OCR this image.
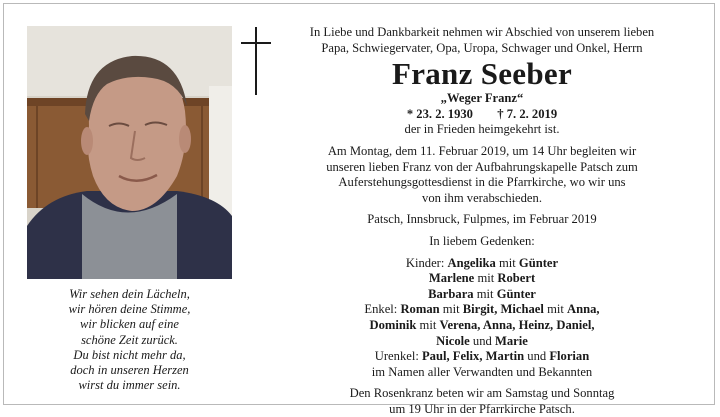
Wir sehen dein Lächeln,
wir hören deine Stimme,
wir blicken auf eine
schöne Zeit zurück.
Du bist nicht mehr da,
doch in unseren Herzen
wirst du immer sein.
In Liebe und Dankbarkeit nehmen wir Abschied von unserem lieben
Papa, Schwiegervater, Opa, Uropa, Schwager und Onkel, Herrn
Franz Seeber
„Weger Franz“
* 23. 2. 1930 † 7. 2. 2019
der in Frieden heimgekehrt ist.
Am Montag, dem 11. Februar 2019, um 14 Uhr begleiten wir
unseren lieben Franz von der Aufbahrungskapelle Patsch zum
Auferstehungsgottesdienst in die Pfarrkirche, wo wir uns
von ihm verabschieden.
Patsch, Innsbruck, Fulpmes, im Februar 2019
In liebem Gedenken:
Kinder: Angelika mit Günter
Marlene mit Robert
Barbara mit Günter
Enkel: Roman mit Birgit, Michael mit Anna,
Dominik mit Verena, Anna, Heinz, Daniel,
Nicole und Marie
Urenkel: Paul, Felix, Martin und Florian
im Namen aller Verwandten und Bekannten
Den Rosenkranz beten wir am Samstag und Sonntag
um 19 Uhr in der Pfarrkirche Patsch.
